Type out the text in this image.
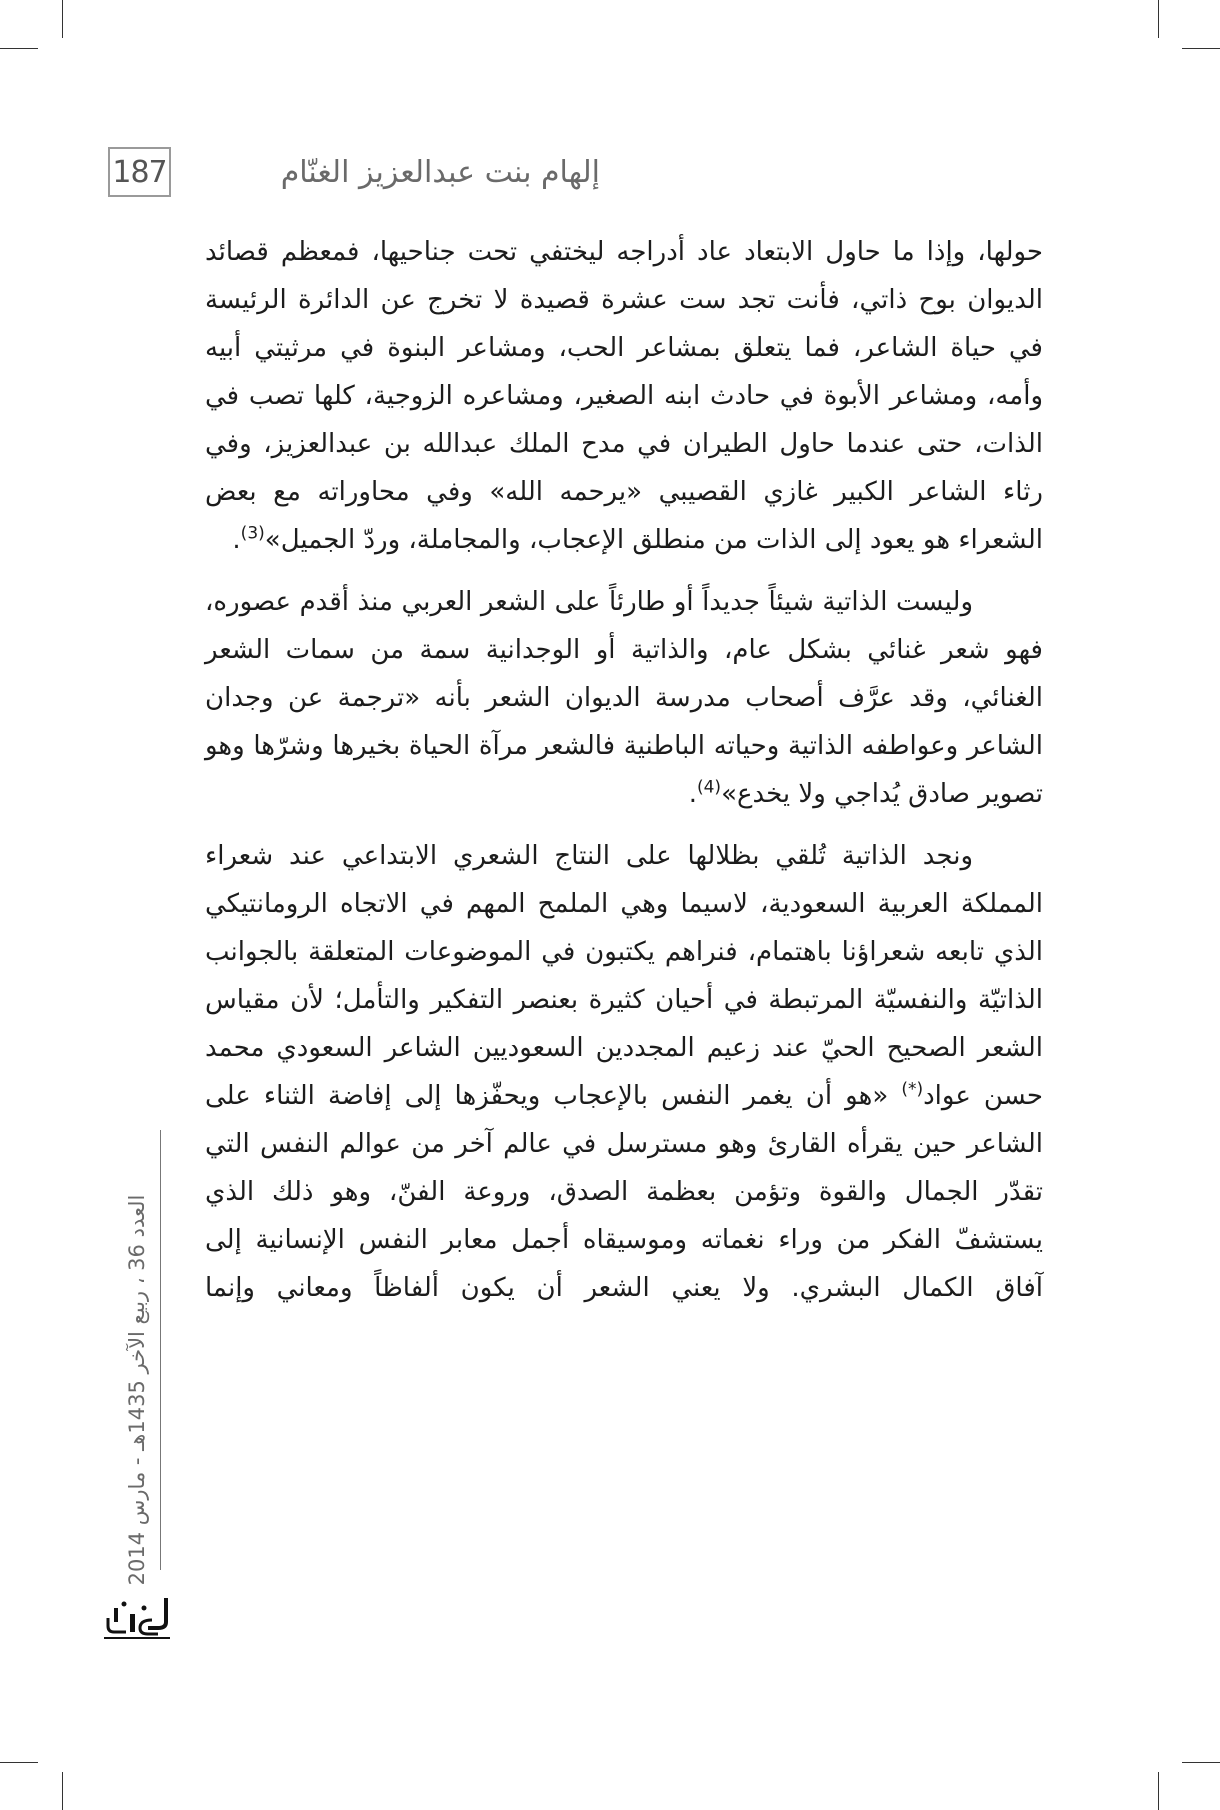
187	إلهام بنت عبدالعزيز الغنّام

حولها، وإذا ما حاول الابتعاد عاد أدراجه ليختفي تحت جناحيها، فمعظم قصائد الديوان بوح ذاتي، فأنت تجد ست عشرة قصيدة لا تخرج عن الدائرة الرئيسة في حياة الشاعر، فما يتعلق بمشاعر الحب، ومشاعر البنوة في مرثيتي أبيه وأمه، ومشاعر الأبوة في حادث ابنه الصغير، ومشاعره الزوجية، كلها تصب في الذات، حتى عندما حاول الطيران في مدح الملك عبدالله بن عبدالعزيز، وفي رثاء الشاعر الكبير غازي القصيبي «يرحمه الله» وفي محاوراته مع بعض الشعراء هو يعود إلى الذات من منطلق الإعجاب، والمجاملة، وردّ الجميل»$^{(3)}$.

وليست الذاتية شيئاً جديداً أو طارئاً على الشعر العربي منذ أقدم عصوره، فهو شعر غنائي بشكل عام، والذاتية أو الوجدانية سمة من سمات الشعر الغنائي، وقد عرَّف أصحاب مدرسة الديوان الشعر بأنه «ترجمة عن وجدان الشاعر وعواطفه الذاتية وحياته الباطنية فالشعر مرآة الحياة بخيرها وشرّها وهو تصوير صادق يُداجي ولا يخدع»$^{(4)}$.

ونجد الذاتية تُلقي بظلالها على النتاج الشعري الابتداعي عند شعراء المملكة العربية السعودية، لاسيما وهي الملمح المهم في الاتجاه الرومانتيكي الذي تابعه شعراؤنا باهتمام، فنراهم يكتبون في الموضوعات المتعلقة بالجوانب الذاتيّة والنفسيّة المرتبطة في أحيان كثيرة بعنصر التفكير والتأمل؛ لأن مقياس الشعر الصحيح الحيّ عند زعيم المجددين السعوديين الشاعر السعودي محمد حسن عواد(*) «هو أن يغمر النفس بالإعجاب ويحفّزها إلى إفاضة الثناء على الشاعر حين يقرأه القارئ وهو مسترسل في عالم آخر من عوالم النفس التي تقدّر الجمال والقوة وتؤمن بعظمة الصدق، وروعة الفنّ، وهو ذلك الذي يستشفّ الفكر من وراء نغماته وموسيقاه أجمل معابر النفس الإنسانية إلى آفاق الكمال البشري. ولا يعني الشعر أن يكون ألفاظاً ومعاني وإنما

العدد 36 ، ربيع الآخر 1435هـ - مارس 2014
